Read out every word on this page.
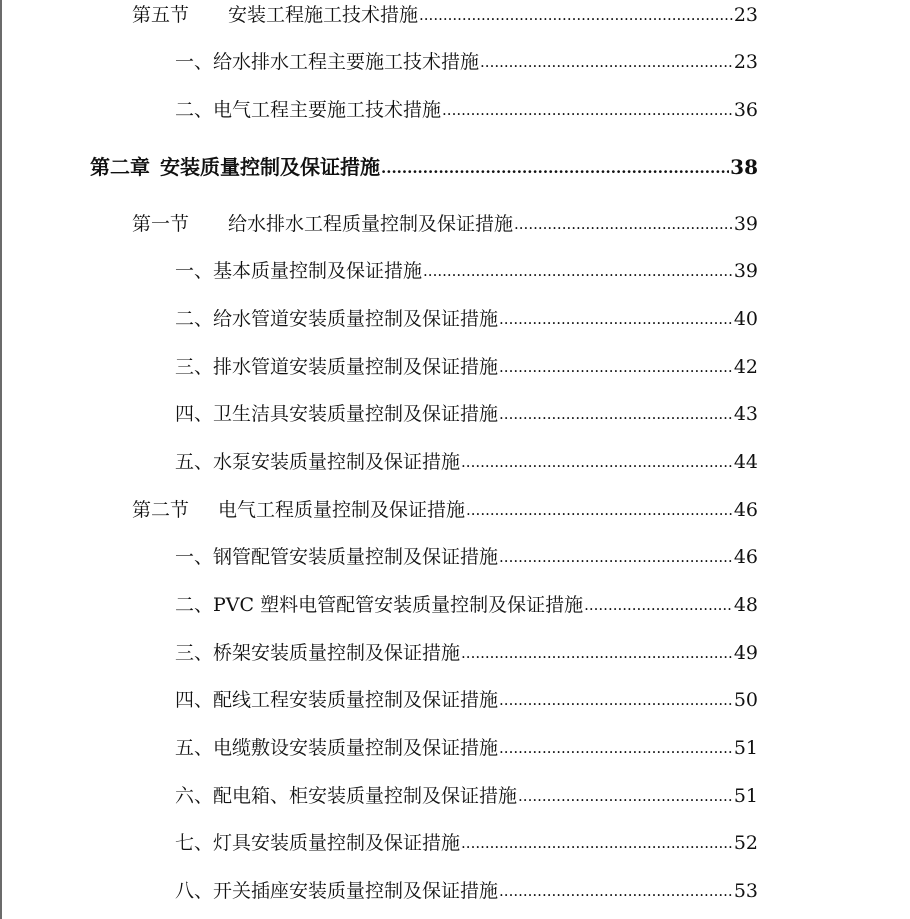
第五节	安装工程施工技术措施 .....	23
一、 给水排水工程主要施工技术措施 .....	23
二、 电气工程主要施工技术措施 .....	36
第二章 安装质量控制及保证措施 .....	38
第一节	给水排水工程质量控制及保证措施 .....	39
一、 基本质量控制及保证措施 .....	39
二、 给水管道安装质量控制及保证措施 .....	40
三、 排水管道安装质量控制及保证措施 .....	42
四、 卫生洁具安装质量控制及保证措施 .....	43
五、 水泵安装质量控制及保证措施 .....	44
第二节	电气工程质量控制及保证措施 .....	46
一、 钢管配管安装质量控制及保证措施 .....	46
二、 PVC 塑料电管配管安装质量控制及保证措施 .....	48
三、 桥架安装质量控制及保证措施 .....	49
四、 配线工程安装质量控制及保证措施 .....	50
五、 电缆敷设安装质量控制及保证措施 .....	51
六、 配电箱、柜安装质量控制及保证措施 .....	51
七、 灯具安装质量控制及保证措施 .....	52
八、 开关插座安装质量控制及保证措施 .....	53
